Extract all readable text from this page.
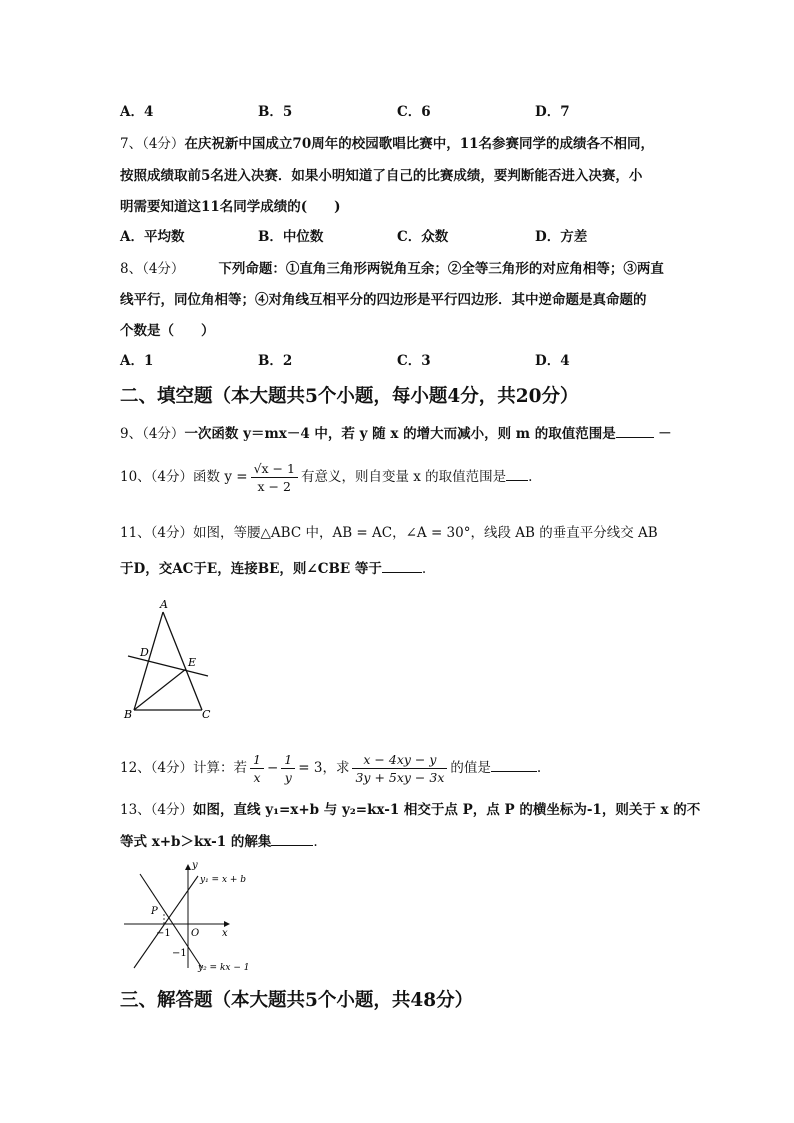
A．4	B．5	C．6	D．7
7、（4分）在庆祝新中国成立70周年的校园歌唱比赛中，11名参赛同学的成绩各不相同，
按照成绩取前5名进入决赛．如果小明知道了自己的比赛成绩，要判断能否进入决赛，小
明需要知道这11名同学成绩的(　　)
A．平均数	B．中位数	C．众数	D．方差
8、（4分）	下列命题：①直角三角形两锐角互余；②全等三角形的对应角相等；③两直
线平行，同位角相等；④对角线互相平分的四边形是平行四边形．其中逆命题是真命题的
个数是（　　）
A．1	B．2	C．3	D．4
二、填空题（本大题共5个小题，每小题4分，共20分）
9、（4分）一次函数 y＝mx－4 中，若 y 随 x 的增大而减小，则 m 的取值范围是	－
10、（4分）函数 $y = \frac{√x - 1}{x - 2}$ 有意义，则自变量 x 的取值范围是 .
11、（4分）如图，等腰△ABC 中，AB = AC，∠A = 30°，线段 AB 的垂直平分线交 AB
于D，交AC于E，连接BE，则∠CBE 等于	.
A
D
E
B	C
12、（4分）计算：若 $\frac{1}{x} - \frac{1}{y} = 3$，求 $\frac{x - 4xy - y}{3y + 5xy - 3x}$ 的值是	.
13、（4分）如图，直线 y₁=x+b 与 y₂=kx-1 相交于点 P，点 P 的横坐标为-1，则关于 x 的不
等式 x+b＞kx-1 的解集	.
y
y₁ = x + b
P
−1 O x
−1
y₂ = kx − 1
三、解答题（本大题共5个小题，共48分）
